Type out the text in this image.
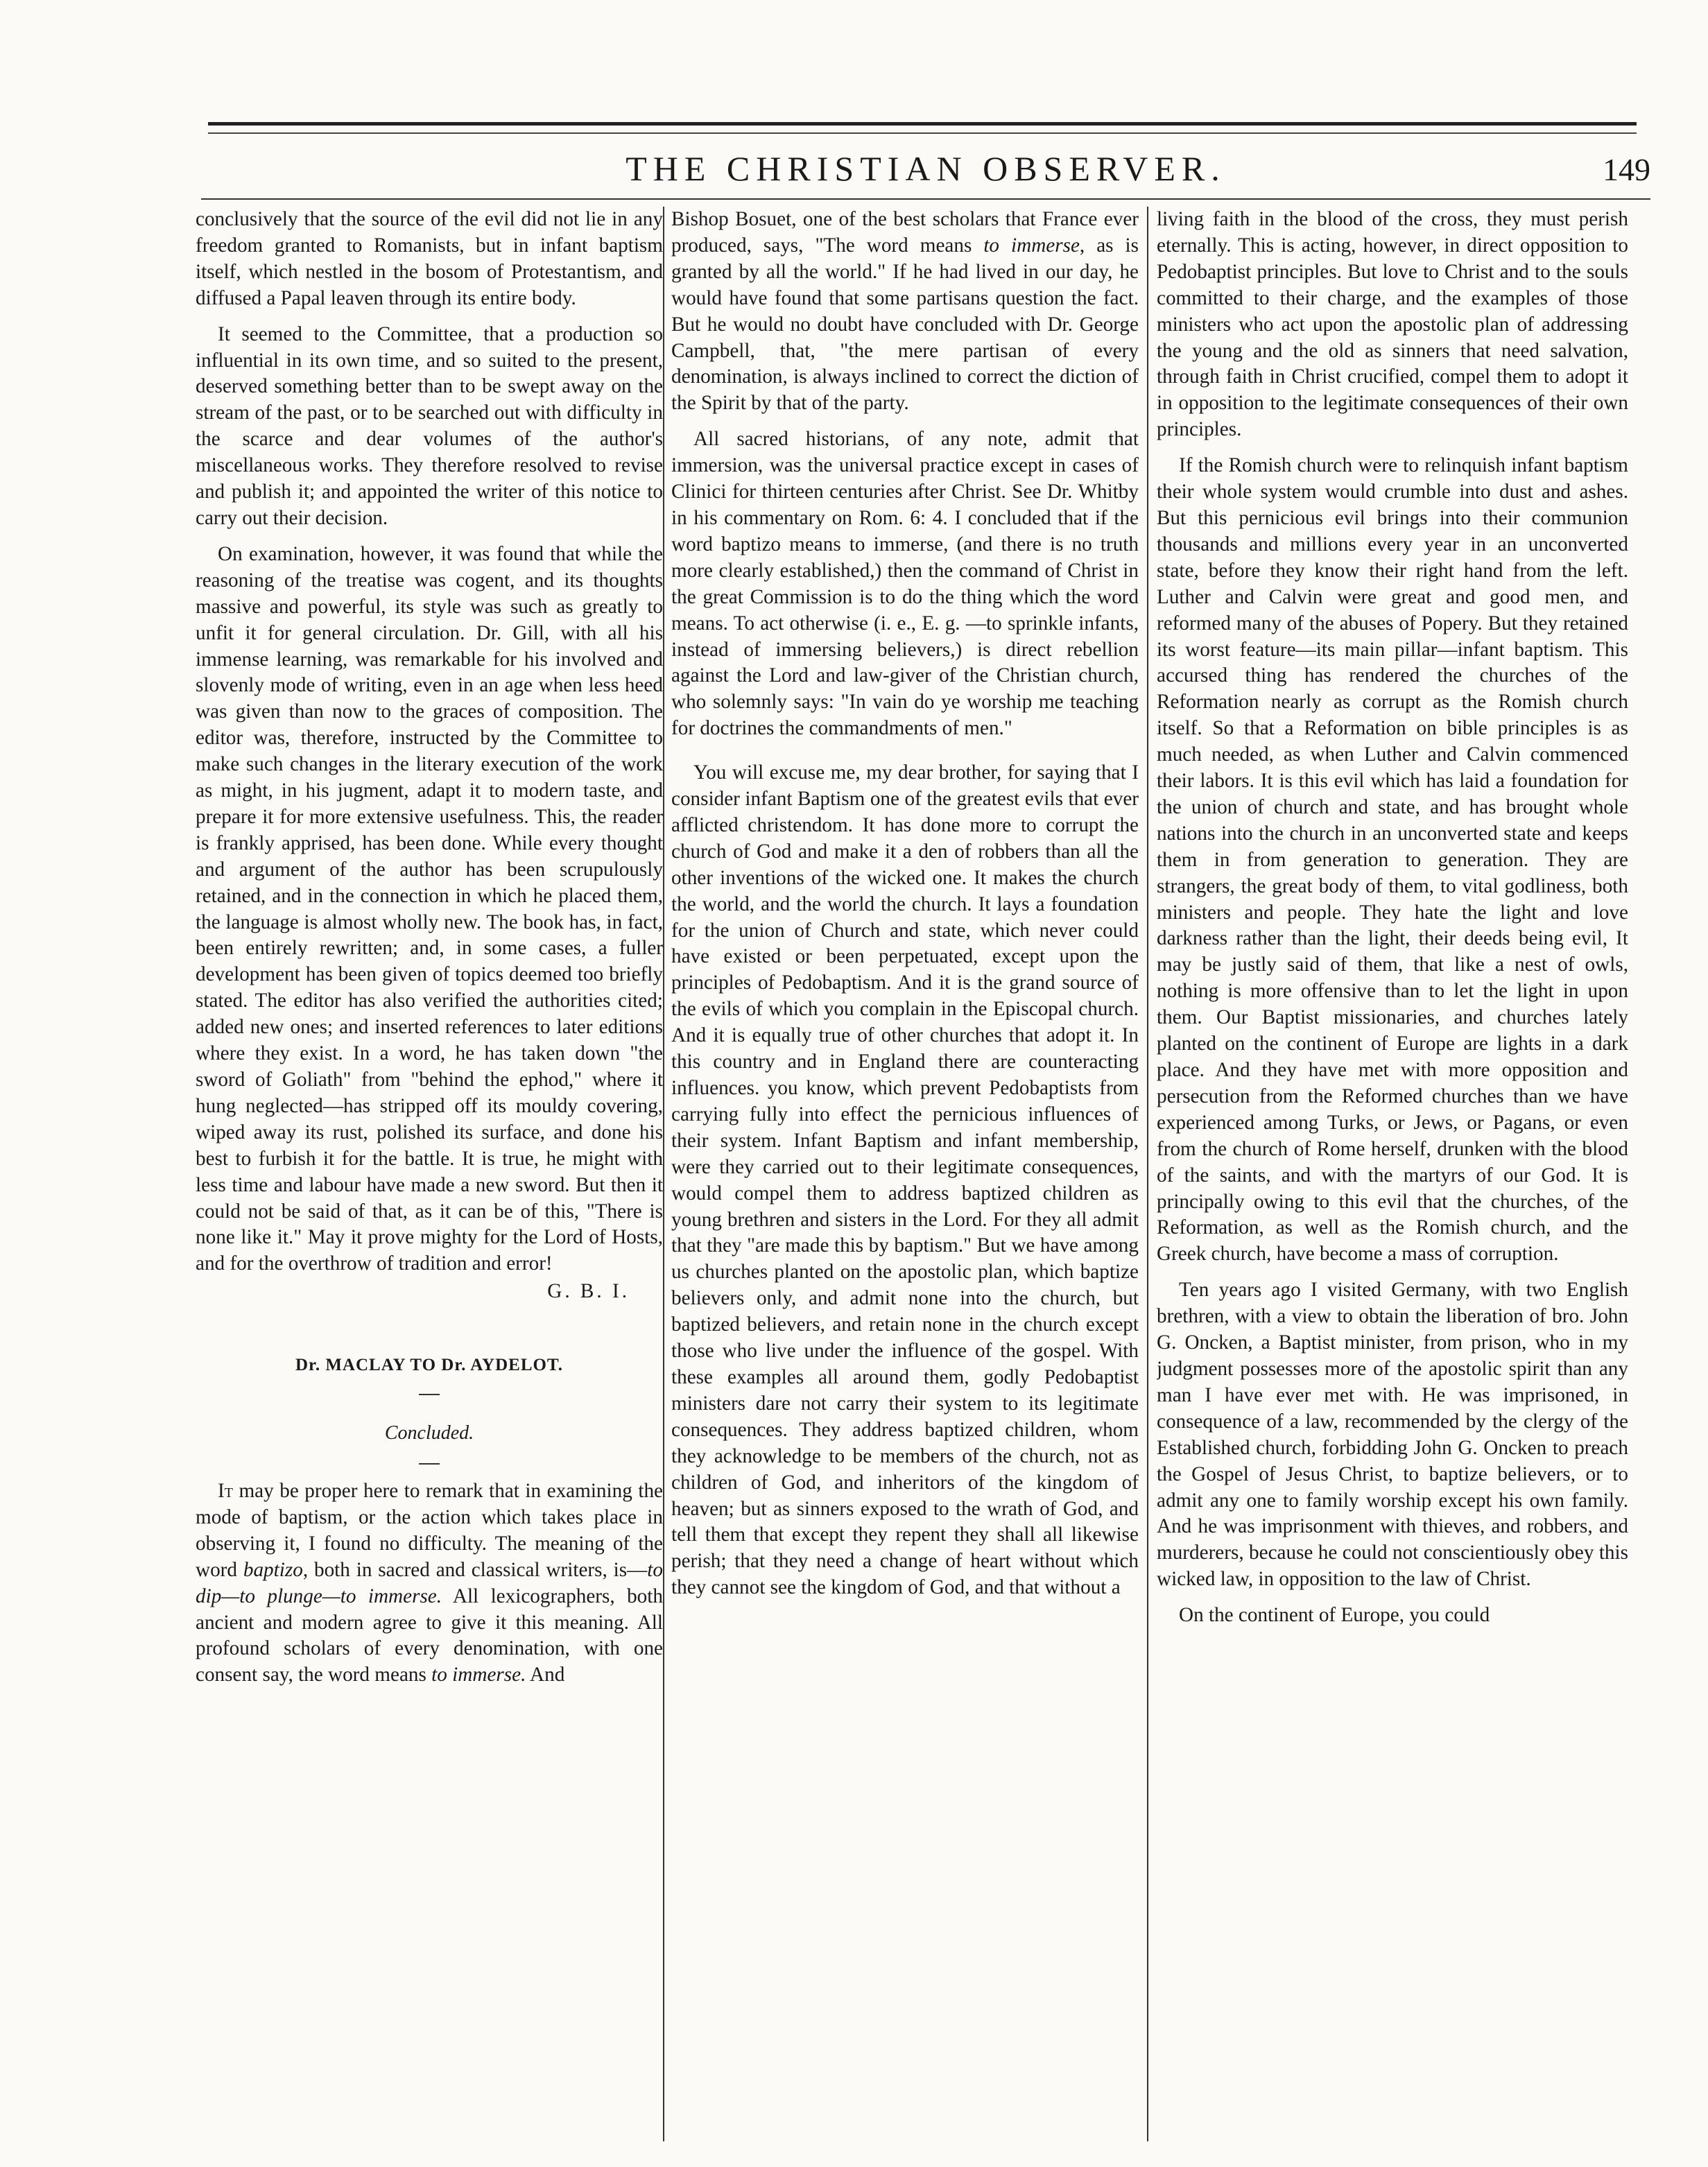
THE CHRISTIAN OBSERVER.	149

conclusively that the source of the evil did not lie in any freedom granted to Romanists, but in infant baptism itself, which nestled in the bosom of Protestantism, and diffused a Papal leaven through its entire body.

It seemed to the Committee, that a production so influential in its own time, and so suited to the present, deserved something better than to be swept away on the stream of the past, or to be searched out with difficulty in the scarce and dear volumes of the author's miscellaneous works. They therefore resolved to revise and publish it; and appointed the writer of this notice to carry out their decision.

On examination, however, it was found that while the reasoning of the treatise was cogent, and its thoughts massive and powerful, its style was such as greatly to unfit it for general circulation. Dr. Gill, with all his immense learning, was remarkable for his involved and slovenly mode of writing, even in an age when less heed was given than now to the graces of composition. The editor was, therefore, instructed by the Committee to make such changes in the literary execution of the work as might, in his jugment, adapt it to modern taste, and prepare it for more extensive usefulness. This, the reader is frankly apprised, has been done. While every thought and argument of the author has been scrupulously retained, and in the connection in which he placed them, the language is almost wholly new. The book has, in fact, been entirely rewritten; and, in some cases, a fuller development has been given of topics deemed too briefly stated. The editor has also verified the authorities cited; added new ones; and inserted references to later editions where they exist. In a word, he has taken down "the sword of Goliath" from "behind the ephod," where it hung neglected—has stripped off its mouldy covering, wiped away its rust, polished its surface, and done his best to furbish it for the battle. It is true, he might with less time and labour have made a new sword. But then it could not be said of that, as it can be of this, "There is none like it." May it prove mighty for the Lord of Hosts, and for the overthrow of tradition and error!

G. B. I.
Dr. MACLAY TO Dr. AYDELOT.
Concluded.

It may be proper here to remark that in examining the mode of baptism, or the action which takes place in observing it, I found no difficulty. The meaning of the word baptizo, both in sacred and classical writers, is—to dip—to plunge—to immerse. All lexicographers, both ancient and modern agree to give it this meaning. All profound scholars of every denomination, with one consent say, the word means to immerse. And

Bishop Bosuet, one of the best scholars that France ever produced, says, "The word means to immerse, as is granted by all the world." If he had lived in our day, he would have found that some partisans question the fact. But he would no doubt have concluded with Dr. George Campbell, that, "the mere partisan of every denomination, is always inclined to correct the diction of the Spirit by that of the party.

All sacred historians, of any note, admit that immersion, was the universal practice except in cases of Clinici for thirteen centuries after Christ. See Dr. Whitby in his commentary on Rom. 6: 4. I concluded that if the word baptizo means to immerse, (and there is no truth more clearly established,) then the command of Christ in the great Commission is to do the thing which the word means. To act otherwise (i. e., E. g. —to sprinkle infants, instead of immersing believers,) is direct rebellion against the Lord and law-giver of the Christian church, who solemnly says: "In vain do ye worship me teaching for doctrines the commandments of men."

You will excuse me, my dear brother, for saying that I consider infant Baptism one of the greatest evils that ever afflicted christendom. It has done more to corrupt the church of God and make it a den of robbers than all the other inventions of the wicked one. It makes the church the world, and the world the church. It lays a foundation for the union of Church and state, which never could have existed or been perpetuated, except upon the principles of Pedobaptism. And it is the grand source of the evils of which you complain in the Episcopal church. And it is equally true of other churches that adopt it. In this country and in England there are counteracting influences. you know, which prevent Pedobaptists from carrying fully into effect the pernicious influences of their system. Infant Baptism and infant membership, were they carried out to their legitimate consequences, would compel them to address baptized children as young brethren and sisters in the Lord. For they all admit that they "are made this by baptism." But we have among us churches planted on the apostolic plan, which baptize believers only, and admit none into the church, but baptized believers, and retain none in the church except those who live under the influence of the gospel. With these examples all around them, godly Pedobaptist ministers dare not carry their system to its legitimate consequences. They address baptized children, whom they acknowledge to be members of the church, not as children of God, and inheritors of the kingdom of heaven; but as sinners exposed to the wrath of God, and tell them that except they repent they shall all likewise perish; that they need a change of heart without which they cannot see the kingdom of God, and that without a

living faith in the blood of the cross, they must perish eternally. This is acting, however, in direct opposition to Pedobaptist principles. But love to Christ and to the souls committed to their charge, and the examples of those ministers who act upon the apostolic plan of addressing the young and the old as sinners that need salvation, through faith in Christ crucified, compel them to adopt it in opposition to the legitimate consequences of their own principles.

If the Romish church were to relinquish infant baptism their whole system would crumble into dust and ashes. But this pernicious evil brings into their communion thousands and millions every year in an unconverted state, before they know their right hand from the left. Luther and Calvin were great and good men, and reformed many of the abuses of Popery. But they retained its worst feature—its main pillar—infant baptism. This accursed thing has rendered the churches of the Reformation nearly as corrupt as the Romish church itself. So that a Reformation on bible principles is as much needed, as when Luther and Calvin commenced their labors. It is this evil which has laid a foundation for the union of church and state, and has brought whole nations into the church in an unconverted state and keeps them in from generation to generation. They are strangers, the great body of them, to vital godliness, both ministers and people. They hate the light and love darkness rather than the light, their deeds being evil, It may be justly said of them, that like a nest of owls, nothing is more offensive than to let the light in upon them. Our Baptist missionaries, and churches lately planted on the continent of Europe are lights in a dark place. And they have met with more opposition and persecution from the Reformed churches than we have experienced among Turks, or Jews, or Pagans, or even from the church of Rome herself, drunken with the blood of the saints, and with the martyrs of our God. It is principally owing to this evil that the churches, of the Reformation, as well as the Romish church, and the Greek church, have become a mass of corruption.

Ten years ago I visited Germany, with two English brethren, with a view to obtain the liberation of bro. John G. Oncken, a Baptist minister, from prison, who in my judgment possesses more of the apostolic spirit than any man I have ever met with. He was imprisoned, in consequence of a law, recommended by the clergy of the Established church, forbidding John G. Oncken to preach the Gospel of Jesus Christ, to baptize believers, or to admit any one to family worship except his own family. And he was imprisonment with thieves, and robbers, and murderers, because he could not conscientiously obey this wicked law, in opposition to the law of Christ.

On the continent of Europe, you could
